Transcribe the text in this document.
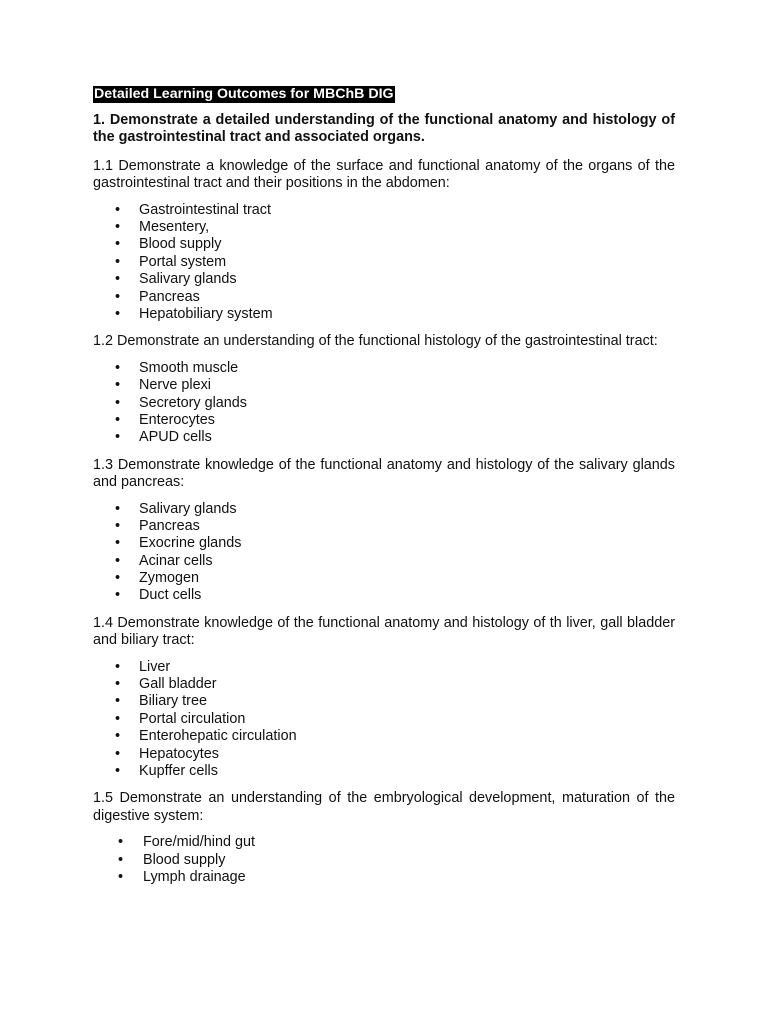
Detailed Learning Outcomes for MBChB DIG
1. Demonstrate a detailed understanding of the functional anatomy and histology of the gastrointestinal tract and associated organs.
1.1 Demonstrate a knowledge of the surface and functional anatomy of the organs of the gastrointestinal tract and their positions in the abdomen:
• Gastrointestinal tract
• Mesentery,
• Blood supply
• Portal system
• Salivary glands
• Pancreas
• Hepatobiliary system
1.2 Demonstrate an understanding of the functional histology of the gastrointestinal tract:
• Smooth muscle
• Nerve plexi
• Secretory glands
• Enterocytes
• APUD cells
1.3 Demonstrate knowledge of the functional anatomy and histology of the salivary glands and pancreas:
• Salivary glands
• Pancreas
• Exocrine glands
• Acinar cells
• Zymogen
• Duct cells
1.4 Demonstrate knowledge of the functional anatomy and histology of th liver, gall bladder and biliary tract:
• Liver
• Gall bladder
• Biliary tree
• Portal circulation
• Enterohepatic circulation
• Hepatocytes
• Kupffer cells
1.5 Demonstrate an understanding of the embryological development, maturation of the digestive system:
• Fore/mid/hind gut
• Blood supply
• Lymph drainage
